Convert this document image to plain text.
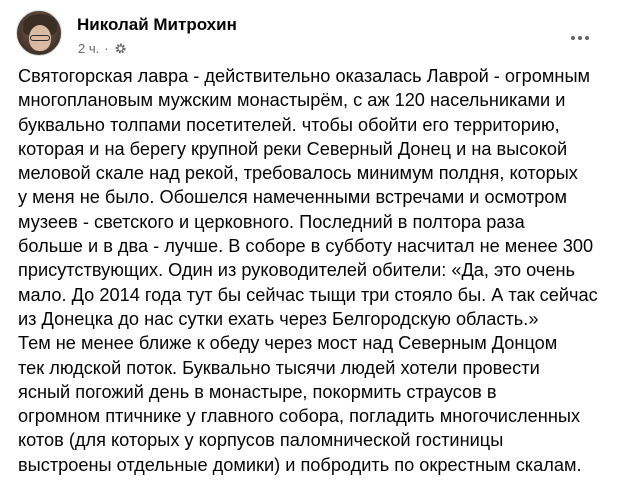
Николай Митрохин
2 ч. ·

Святогорская лавра - действительно оказалась Лаврой - огромным

многоплановым мужским монастырём, с аж 120 насельниками и

буквально толпами посетителей. чтобы обойти его территорию,

которая и на берегу крупной реки Северный Донец и на высокой

меловой скале над рекой, требовалось минимум полдня, которых

у меня не было. Обошелся намеченными встречами и осмотром

музеев - светского и церковного. Последний в полтора раза

больше и в два - лучше. В соборе в субботу насчитал не менее 300

присутствующих. Один из руководителей обители: «Да, это очень

мало. До 2014 года тут бы сейчас тыщи три стояло бы. А так сейчас

из Донецка до нас сутки ехать через Белгородскую область.»

Тем не менее ближе к обеду через мост над Северным Донцом

тек людской поток. Буквально тысячи людей хотели провести

ясный погожий день в монастыре, покормить страусов в

огромном птичнике у главного собора, погладить многочисленных

котов (для которых у корпусов паломнической гостиницы

выстроены отдельные домики) и побродить по окрестным скалам.
